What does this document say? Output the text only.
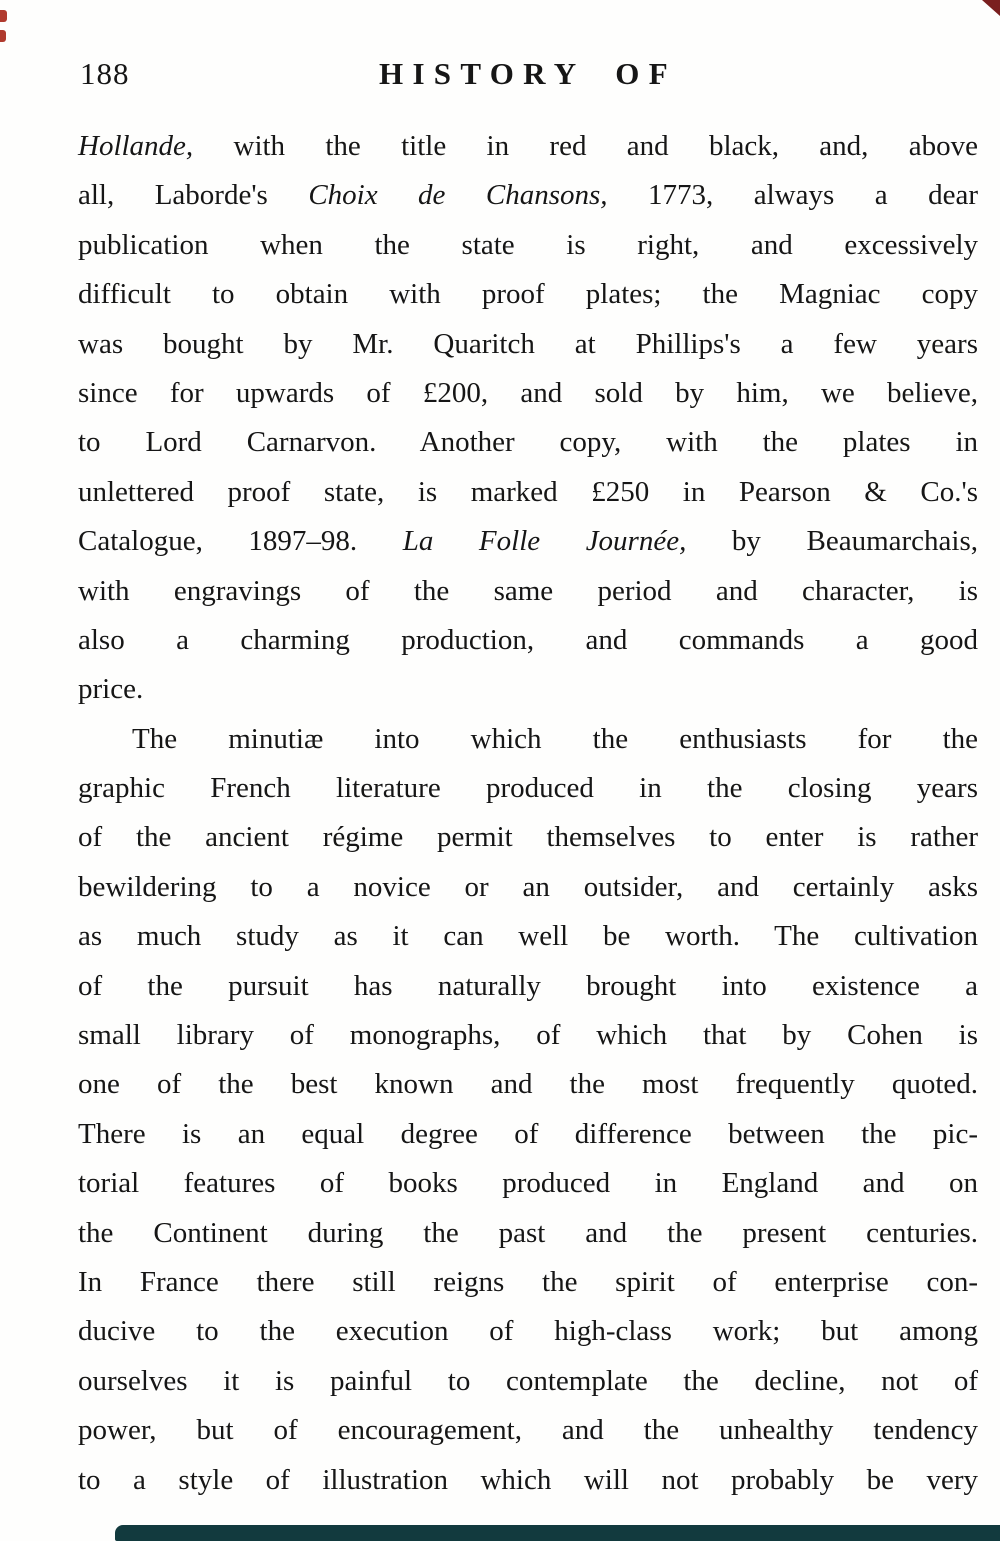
188	HISTORY OF
Hollande, with the title in red and black, and, above
all, Laborde's Choix de Chansons, 1773, always a dear
publication when the state is right, and excessively
difficult to obtain with proof plates; the Magniac copy
was bought by Mr. Quaritch at Phillips's a few years
since for upwards of £200, and sold by him, we believe,
to Lord Carnarvon. Another copy, with the plates in
unlettered proof state, is marked £250 in Pearson & Co.'s
Catalogue, 1897–98. La Folle Journée, by Beaumarchais,
with engravings of the same period and character, is
also a charming production, and commands a good
price.
The minutiæ into which the enthusiasts for the
graphic French literature produced in the closing years
of the ancient régime permit themselves to enter is rather
bewildering to a novice or an outsider, and certainly asks
as much study as it can well be worth. The cultivation
of the pursuit has naturally brought into existence a
small library of monographs, of which that by Cohen is
one of the best known and the most frequently quoted.
There is an equal degree of difference between the pic-
torial features of books produced in England and on
the Continent during the past and the present centuries.
In France there still reigns the spirit of enterprise con-
ducive to the execution of high-class work; but among
ourselves it is painful to contemplate the decline, not of
power, but of encouragement, and the unhealthy tendency
to a style of illustration which will not probably be very
